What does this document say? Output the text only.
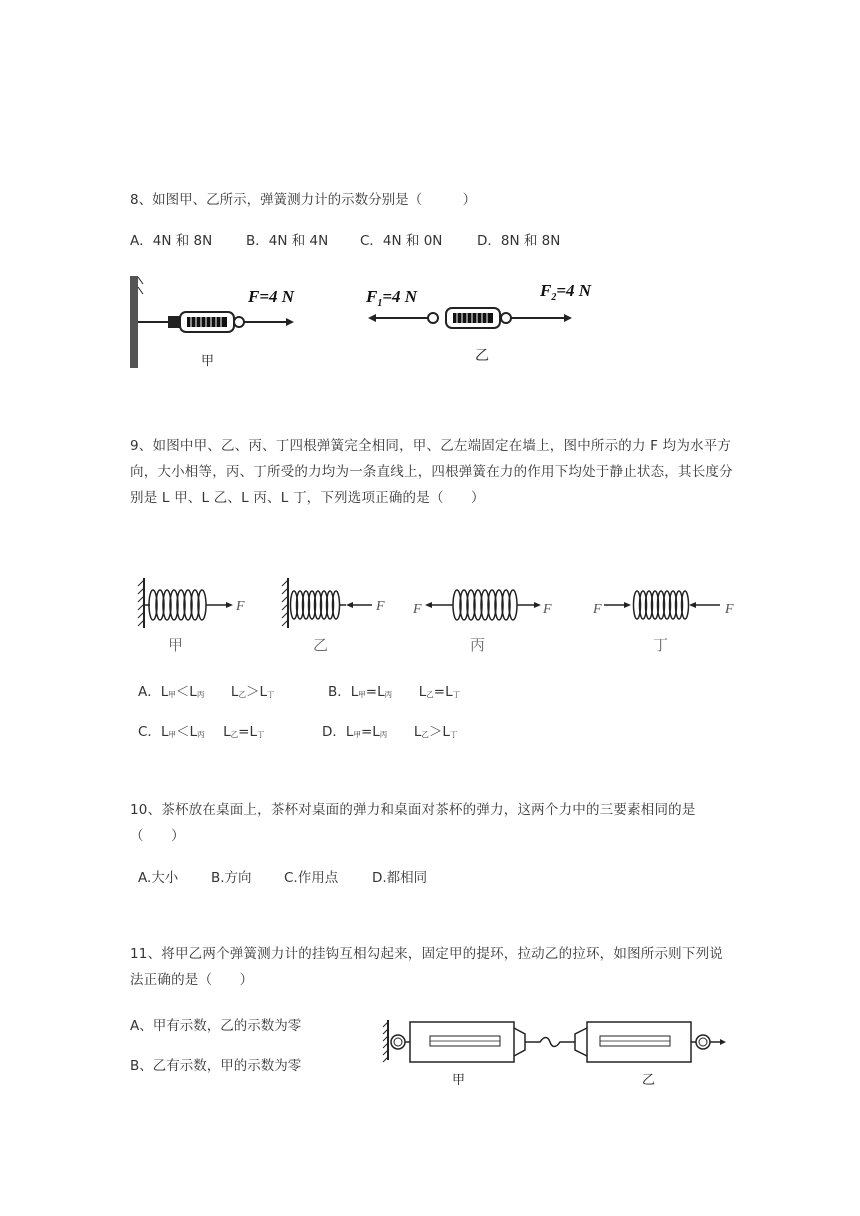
8、如图甲、乙所示，弹簧测力计的示数分别是（　　　）
A．4N 和 8N	B．4N 和 4N C．4N 和 0N	D．8N 和 8N
F=4 N
甲
$F_1=4$ N	$F_2=4$ N
乙
9、如图中甲、乙、丙、丁四根弹簧完全相同，甲、乙左端固定在墙上，图中所示的力 F 均为水平方向，大小相等，丙、丁所受的力均为一条直线上，四根弹簧在力的作用下均处于静止状态，其长度分别是 L 甲、L 乙、L 丙、L 丁，下列选项正确的是（　　）
F
甲
F
乙
F	F
丙
F	F
丁
A．L甲＜L丙 L乙＞L丁	B．L甲=L丙 L乙=L丁
C．L甲＜L丙 L乙=L丁	D．L甲=L丙 L乙＞L丁
10、茶杯放在桌面上，茶杯对桌面的弹力和桌面对茶杯的弹力，这两个力中的三要素相同的是　（　　）
A.大小 B.方向 C.作用点	D.都相同
11、将甲乙两个弹簧测力计的挂钩互相勾起来，固定甲的提环，拉动乙的拉环，如图所示则下列说法正确的是（　　）
A、甲有示数，乙的示数为零
B、乙有示数，甲的示数为零
甲	乙
